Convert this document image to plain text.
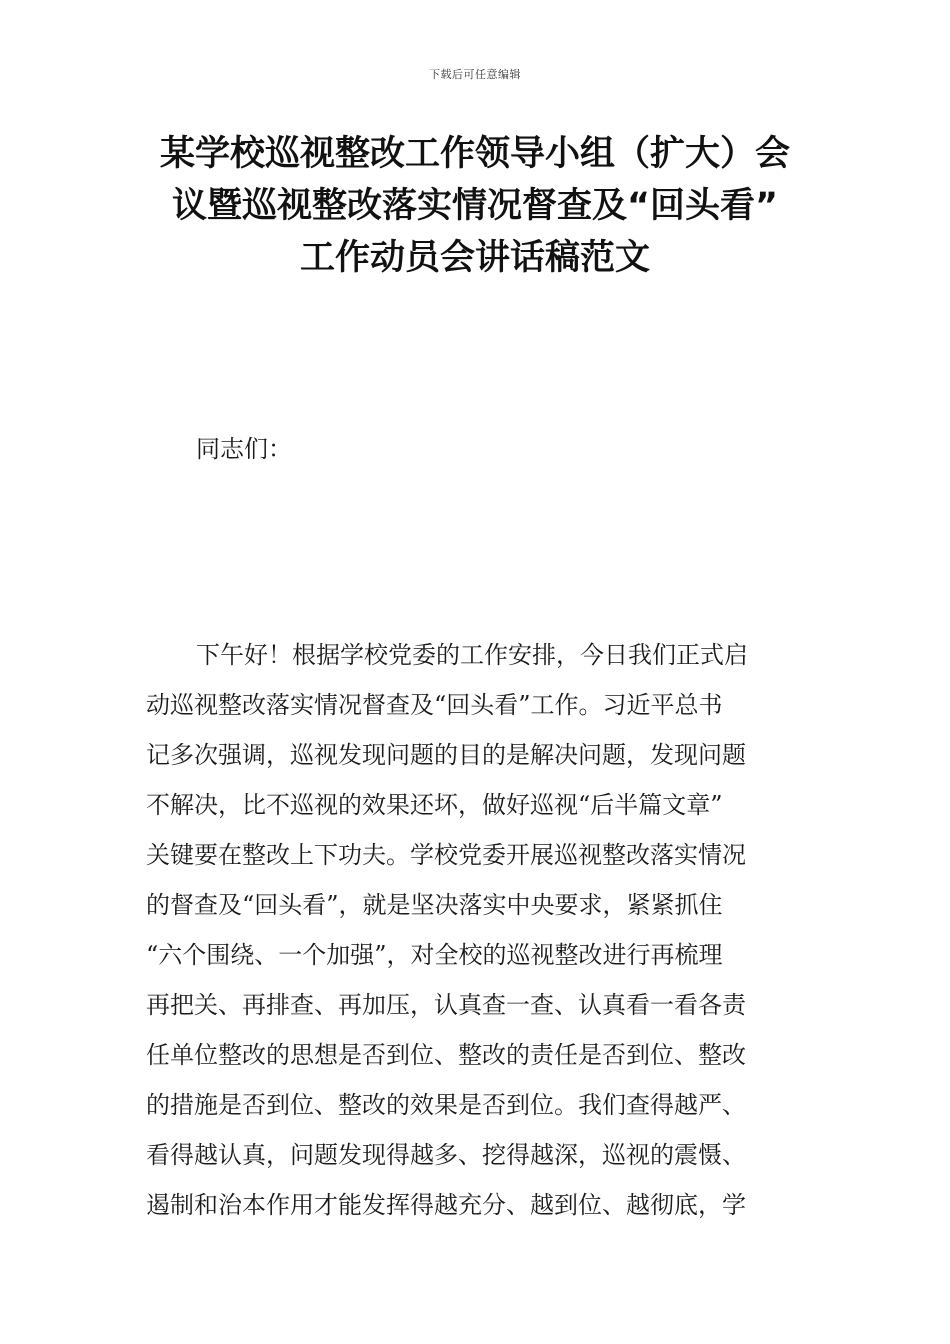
下载后可任意编辑
某学校巡视整改工作领导小组（扩大）会
议暨巡视整改落实情况督查及“回头看”
工作动员会讲话稿范文
同志们：
下午好！根据学校党委的工作安排，今日我们正式启
动巡视整改落实情况督查及“回头看”工作。习近平总书
记多次强调，巡视发现问题的目的是解决问题，发现问题
不解决，比不巡视的效果还坏，做好巡视“后半篇文章”
关键要在整改上下功夫。学校党委开展巡视整改落实情况
的督查及“回头看”，就是坚决落实中央要求，紧紧抓住
“六个围绕、一个加强”，对全校的巡视整改进行再梳理
再把关、再排查、再加压，认真查一查、认真看一看各责
任单位整改的思想是否到位、整改的责任是否到位、整改
的措施是否到位、整改的效果是否到位。我们查得越严、
看得越认真，问题发现得越多、挖得越深，巡视的震慑、
遏制和治本作用才能发挥得越充分、越到位、越彻底，学
